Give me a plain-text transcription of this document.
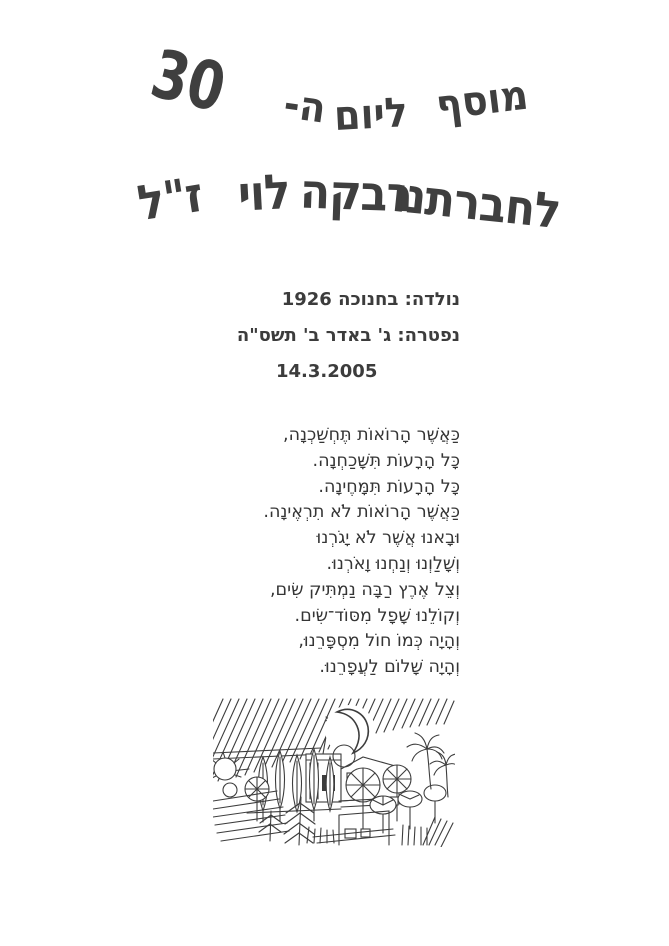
מוסף
ליום
ה-
30
לחברתנו
רבקה
לוי
ז"ל
נולדה: בחנוכה 1926
נפטרה: ג' באדר ב' תשס"ה
14.3.2005
כַּאֲשֶׁר הָרוֹאוֹת תֶּחְשַׁכְנָה,
כָּל הָרָעוֹת תִּשָּׁכַחְנָה.
כָּל הָרָעוֹת תִּמָּחֶינָה.
כַּאֲשֶׁר הָרוֹאוֹת לֹא תִרְאֶינָה.
וּבָאנוּ אֲשֶׁר לֹא יָגֹרְנוּ
וְשָׁלַוְנוּ וְנַחְנוּ וָאֹרְנוּ.
וְצֵל אֶרֶץ רַבָּה נַמְתִּיק שִׂים,
וְקוֹלֵנוּ שָׁפָל מִסּוֹד־שִׂים.
וְהָיָה כְּמוֹ חוֹל מִסְפָּרֵנוּ,
וְהָיָה שָׁלוֹם לַעֲפָרֵנוּ.
